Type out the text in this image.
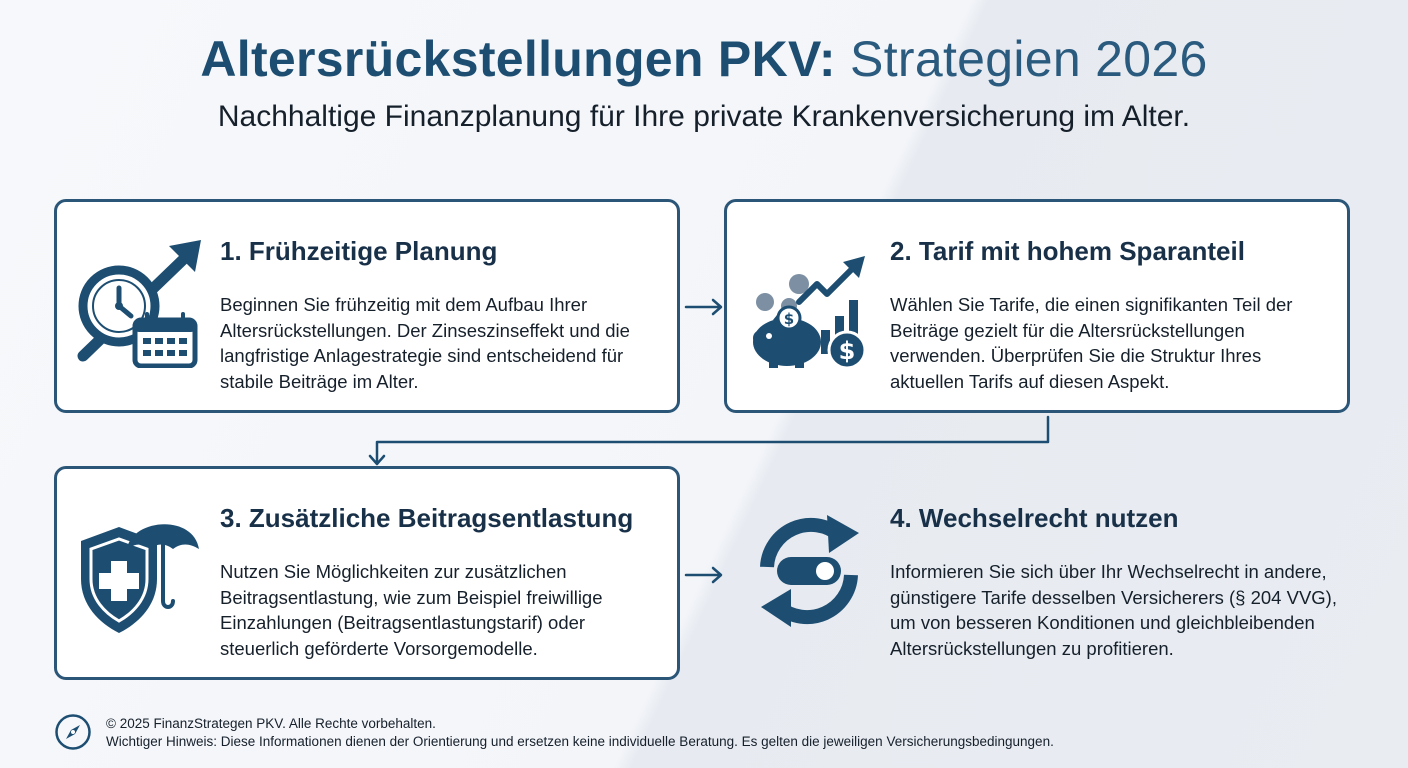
Altersrückstellungen PKV: Strategien 2026
Nachhaltige Finanzplanung für Ihre private Krankenversicherung im Alter.
1. Frühzeitige Planung
Beginnen Sie frühzeitig mit dem Aufbau Ihrer Altersrückstellungen. Der Zinseszinseffekt und die langfristige Anlagestrategie sind entscheidend für stabile Beiträge im Alter.
$
$
2. Tarif mit hohem Sparanteil
Wählen Sie Tarife, die einen signifikanten Teil der Beiträge gezielt für die Altersrückstellungen verwenden. Überprüfen Sie die Struktur Ihres aktuellen Tarifs auf diesen Aspekt.
3. Zusätzliche Beitragsentlastung
Nutzen Sie Möglichkeiten zur zusätzlichen Beitragsentlastung, wie zum Beispiel freiwillige Einzahlungen (Beitragsentlastungstarif) oder steuerlich geförderte Vorsorgemodelle.
4. Wechselrecht nutzen
Informieren Sie sich über Ihr Wechselrecht in andere, günstigere Tarife desselben Versicherers (§ 204 VVG), um von besseren Konditionen und gleichbleibenden Altersrückstellungen zu profitieren.
© 2025 FinanzStrategen PKV. Alle Rechte vorbehalten.
Wichtiger Hinweis: Diese Informationen dienen der Orientierung und ersetzen keine individuelle Beratung. Es gelten die jeweiligen Versicherungsbedingungen.
